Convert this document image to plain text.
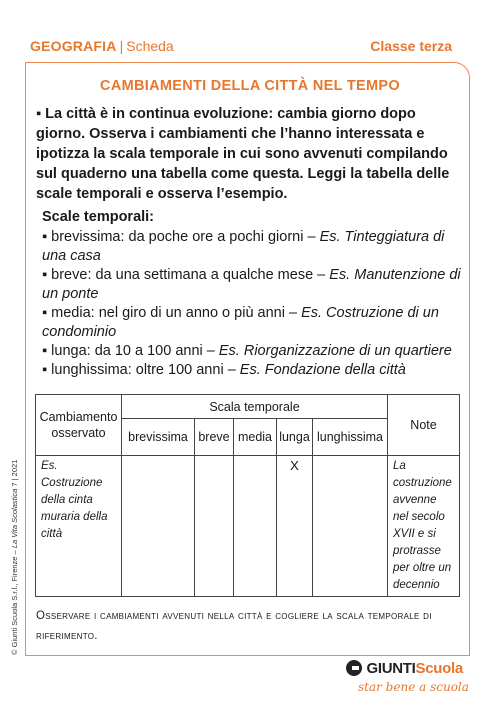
GEOGRAFIA | Scheda	Classe terza
CAMBIAMENTI DELLA CITTÀ NEL TEMPO
▪ La città è in continua evoluzione: cambia giorno dopo giorno. Osserva i cambiamenti che l’hanno interessata e ipotizza la scala temporale in cui sono avvenuti compilando sul quaderno una tabella come questa. Leggi la tabella delle scale temporali e osserva l’esempio.
Scale temporali:
▪ brevissima: da poche ore a pochi giorni – Es. Tinteggiatura di una casa
▪ breve: da una settimana a qualche mese – Es. Manutenzione di un ponte
▪ media: nel giro di un anno o più anni – Es. Costruzione di un condominio
▪ lunga: da 10 a 100 anni – Es. Riorganizzazione di un quartiere
▪ lunghissima: oltre 100 anni – Es. Fondazione della città
Cambiamento osservato	Scala temporale					Note
	brevissima	breve	media	lunga	lunghissima	
Es. Costruzione della cinta muraria della città				X		La costruzione avvenne nel secolo XVII e si protrasse per oltre un decennio
Osservare i cambiamenti avvenuti nella città e cogliere la scala temporale di riferimento.
© Giunti Scuola S.r.l., Firenze – La Vita Scolastica 7 | 2021
GIUNTIScuola
star bene a scuola
